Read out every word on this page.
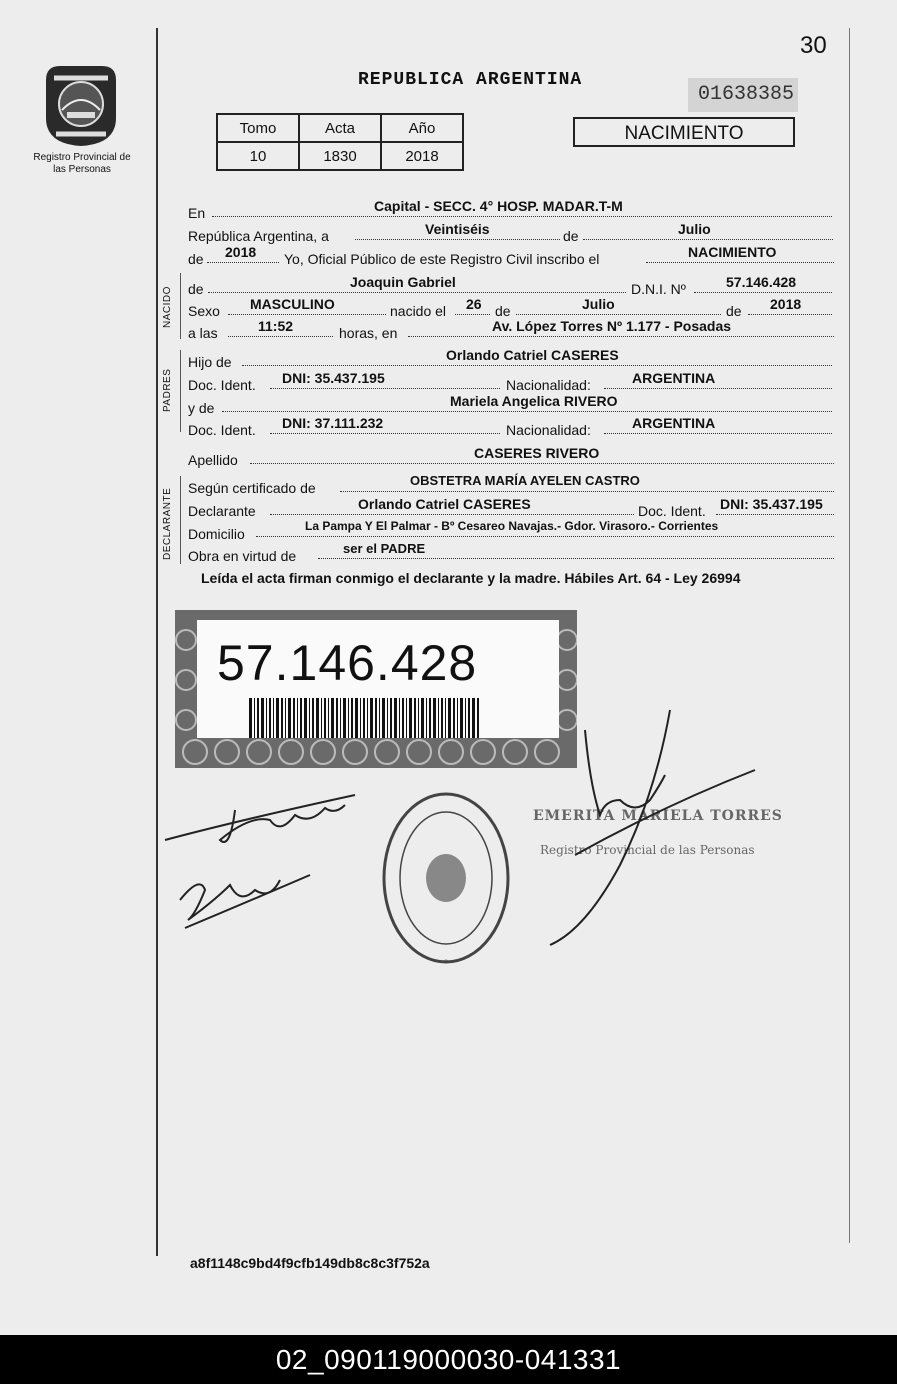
30
Registro Provincial de las Personas
REPUBLICA ARGENTINA
01638385
Tomo	Acta	Año
10	1830	2018
NACIMIENTO
En	Capital - SECC. 4° HOSP. MADAR.T-M
República Argentina, a	Veintiséis	de	Julio
de 2018 Yo, Oficial Público de este Registro Civil inscribo el	NACIMIENTO
NACIDO de	Joaquin Gabriel	D.N.I. Nº	57.146.428
Sexo MASCULINO	nacido el 26 de	Julio	de 2018
a las	11:52	horas, en	Av. López Torres Nº 1.177 - Posadas
PADRES
Hijo de	Orlando Catriel CASERES
Doc. Ident. DNI: 35.437.195	Nacionalidad:	ARGENTINA
y de	Mariela Angelica RIVERO
Doc. Ident. DNI: 37.111.232	Nacionalidad:	ARGENTINA
Apellido	CASERES RIVERO
DECLARANTE Según certificado de	OBSTETRA MARÍA AYELEN CASTRO
Declarante	Orlando Catriel CASERES	Doc. Ident. DNI: 35.437.195
Domicilio	La Pampa Y El Palmar - Bº Cesareo Navajas.- Gdor. Virasoro.- Corrientes
Obra en virtud de	ser el PADRE
Leída el acta firman conmigo el declarante y la madre. Hábiles Art. 64 - Ley 26994
57.146.428
*
EMERITA MARIELA TORRES
Registro Provincial de las Personas
a8f1148c9bd4f9cfb149db8c8c3f752a
02_090119000030-041331
